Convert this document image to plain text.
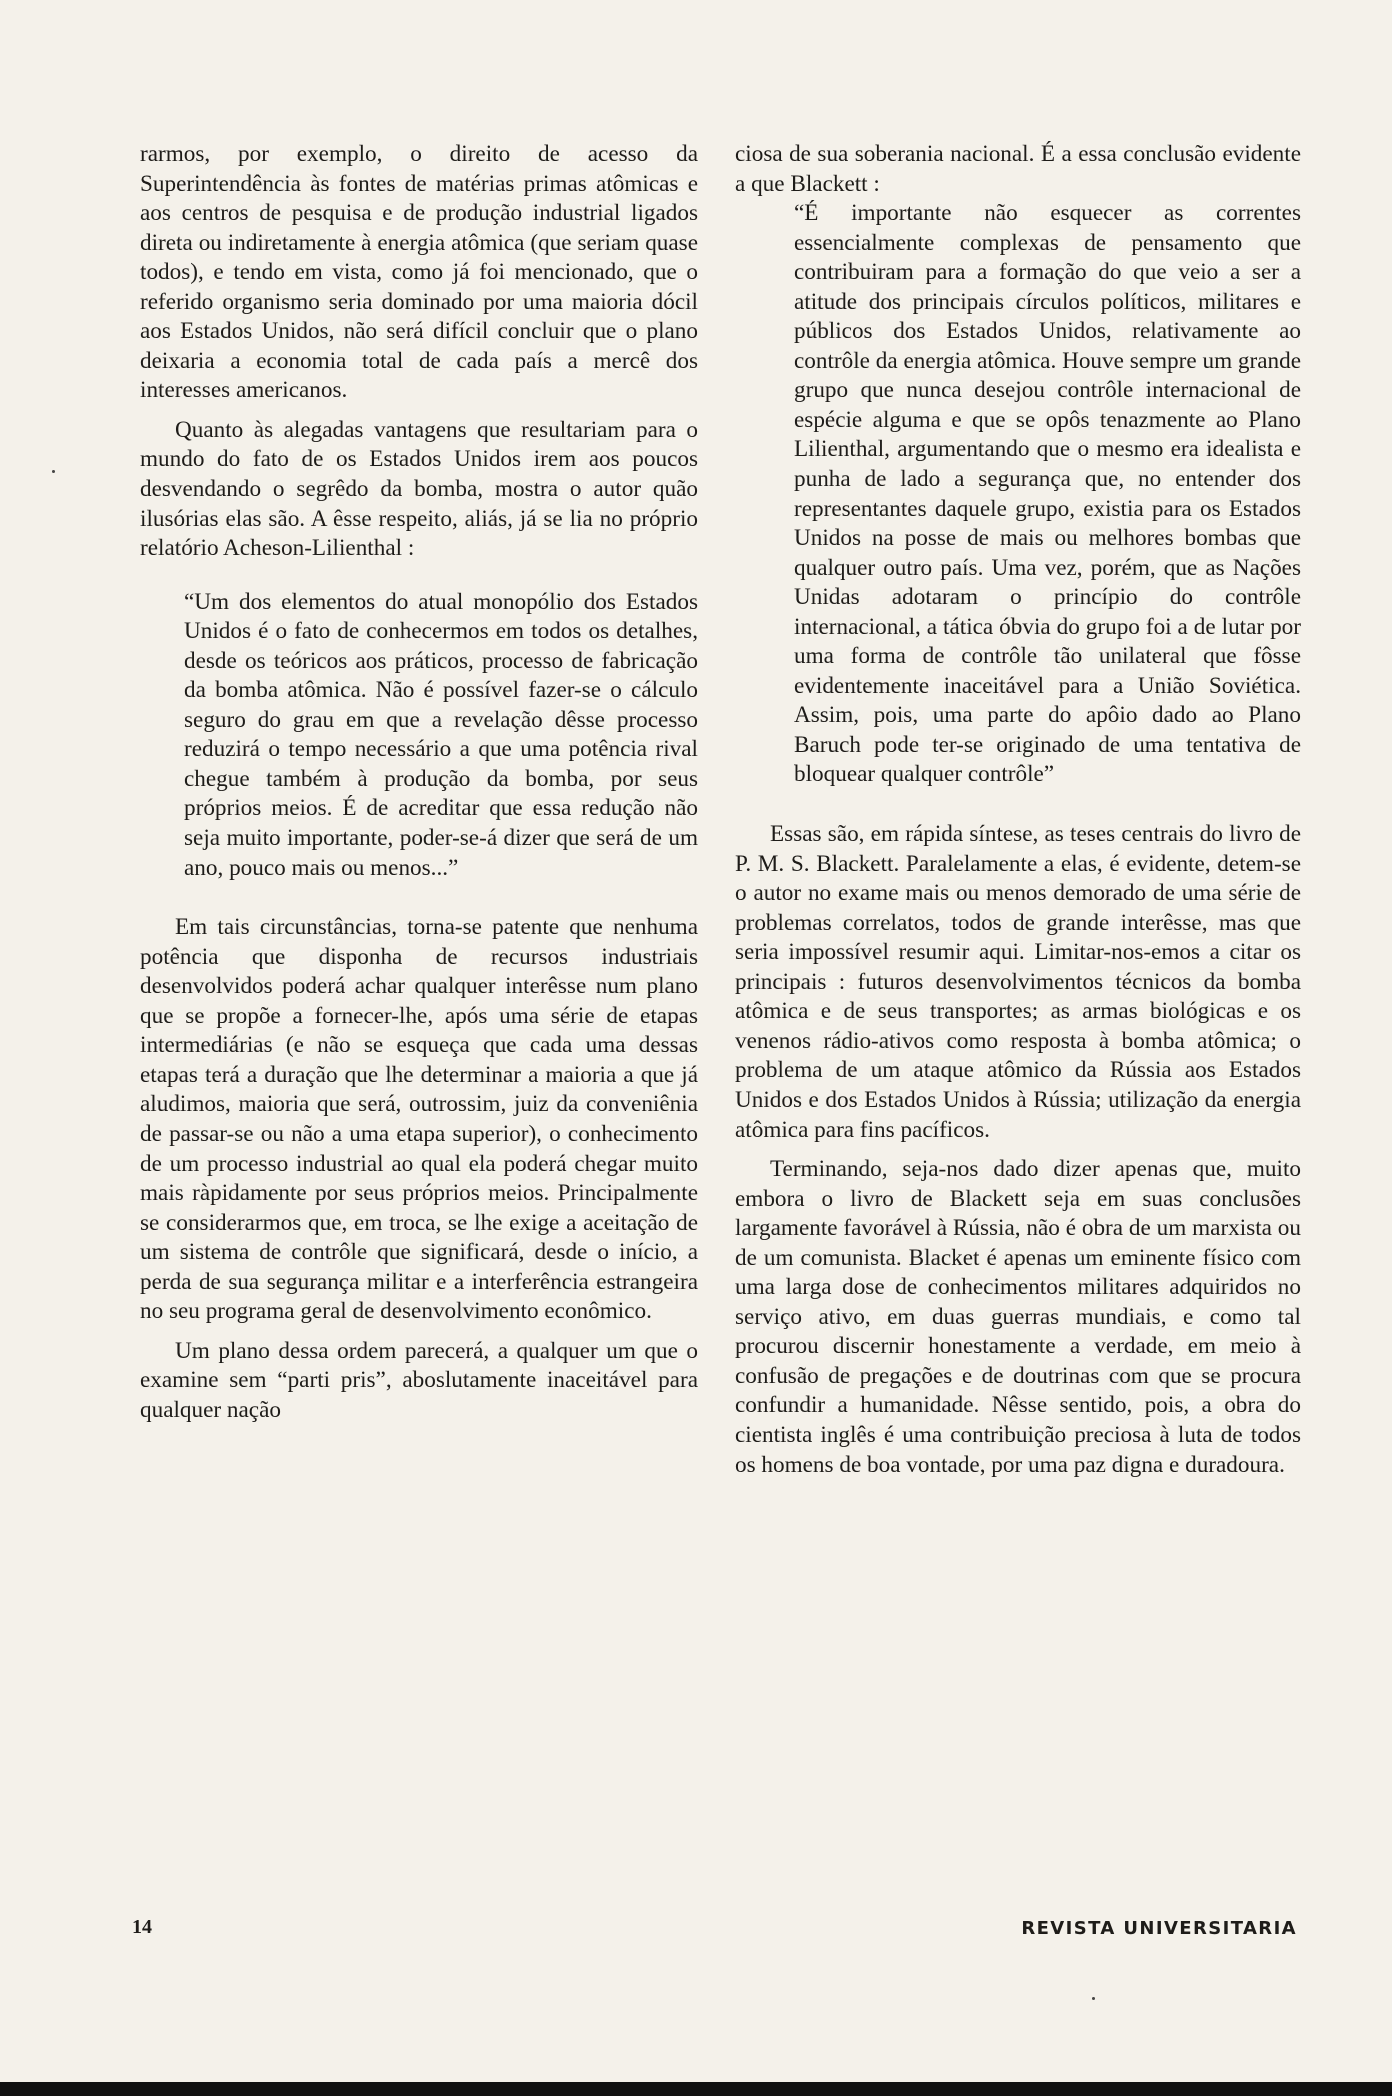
rarmos, por exemplo, o direito de acesso da Superintendência às fontes de matérias primas atômicas e aos centros de pesquisa e de produção industrial ligados direta ou indiretamente à energia atômica (que seriam quase todos), e tendo em vista, como já foi mencionado, que o referido organismo seria dominado por uma maioria dócil aos Estados Unidos, não será difícil concluir que o plano deixaria a economia total de cada país a mercê dos interesses americanos.

Quanto às alegadas vantagens que resultariam para o mundo do fato de os Estados Unidos irem aos poucos desvendando o segrêdo da bomba, mostra o autor quão ilusórias elas são. A êsse respeito, aliás, já se lia no próprio relatório Acheson-Lilienthal :

“Um dos elementos do atual monopólio dos Estados Unidos é o fato de conhecermos em todos os detalhes, desde os teóricos aos práticos, processo de fabricação da bomba atômica. Não é possível fazer-se o cálculo seguro do grau em que a revelação dêsse processo reduzirá o tempo necessário a que uma potência rival chegue também à produção da bomba, por seus próprios meios. É de acreditar que essa redução não seja muito importante, poder-se-á dizer que será de um ano, pouco mais ou menos...”

Em tais circunstâncias, torna-se patente que nenhuma potência que disponha de recursos industriais desenvolvidos poderá achar qualquer interêsse num plano que se propõe a fornecer-lhe, após uma série de etapas intermediárias (e não se esqueça que cada uma dessas etapas terá a duração que lhe determinar a maioria a que já aludimos, maioria que será, outrossim, juiz da conveniênia de passar-se ou não a uma etapa superior), o conhecimento de um processo industrial ao qual ela poderá chegar muito mais ràpidamente por seus próprios meios. Principalmente se considerarmos que, em troca, se lhe exige a aceitação de um sistema de contrôle que significará, desde o início, a perda de sua segurança militar e a interferência estrangeira no seu programa geral de desenvolvimento econômico.

Um plano dessa ordem parecerá, a qualquer um que o examine sem “parti pris”, aboslutamente inaceitável para qualquer nação

ciosa de sua soberania nacional. É a essa conclusão evidente a que Blackett :

“É importante não esquecer as correntes essencialmente complexas de pensamento que contribuiram para a formação do que veio a ser a atitude dos principais círculos políticos, militares e públicos dos Estados Unidos, relativamente ao contrôle da energia atômica. Houve sempre um grande grupo que nunca desejou contrôle internacional de espécie alguma e que se opôs tenazmente ao Plano Lilienthal, argumentando que o mesmo era idealista e punha de lado a segurança que, no entender dos representantes daquele grupo, existia para os Estados Unidos na posse de mais ou melhores bombas que qualquer outro país. Uma vez, porém, que as Nações Unidas adotaram o princípio do contrôle internacional, a tática óbvia do grupo foi a de lutar por uma forma de contrôle tão unilateral que fôsse evidentemente inaceitável para a União Soviética. Assim, pois, uma parte do apôio dado ao Plano Baruch pode ter-se originado de uma tentativa de bloquear qualquer contrôle”

Essas são, em rápida síntese, as teses centrais do livro de P. M. S. Blackett. Paralelamente a elas, é evidente, detem-se o autor no exame mais ou menos demorado de uma série de problemas correlatos, todos de grande interêsse, mas que seria impossível resumir aqui. Limitar-nos-emos a citar os principais : futuros desenvolvimentos técnicos da bomba atômica e de seus transportes; as armas biológicas e os venenos rádio-ativos como resposta à bomba atômica; o problema de um ataque atômico da Rússia aos Estados Unidos e dos Estados Unidos à Rússia; utilização da energia atômica para fins pacíficos.

Terminando, seja-nos dado dizer apenas que, muito embora o livro de Blackett seja em suas conclusões largamente favorável à Rússia, não é obra de um marxista ou de um comunista. Blacket é apenas um eminente físico com uma larga dose de conhecimentos militares adquiridos no serviço ativo, em duas guerras mundiais, e como tal procurou discernir honestamente a verdade, em meio à confusão de pregações e de doutrinas com que se procura confundir a humanidade. Nêsse sentido, pois, a obra do cientista inglês é uma contribuição preciosa à luta de todos os homens de boa vontade, por uma paz digna e duradoura.

14	REVISTA UNIVERSITARIA
